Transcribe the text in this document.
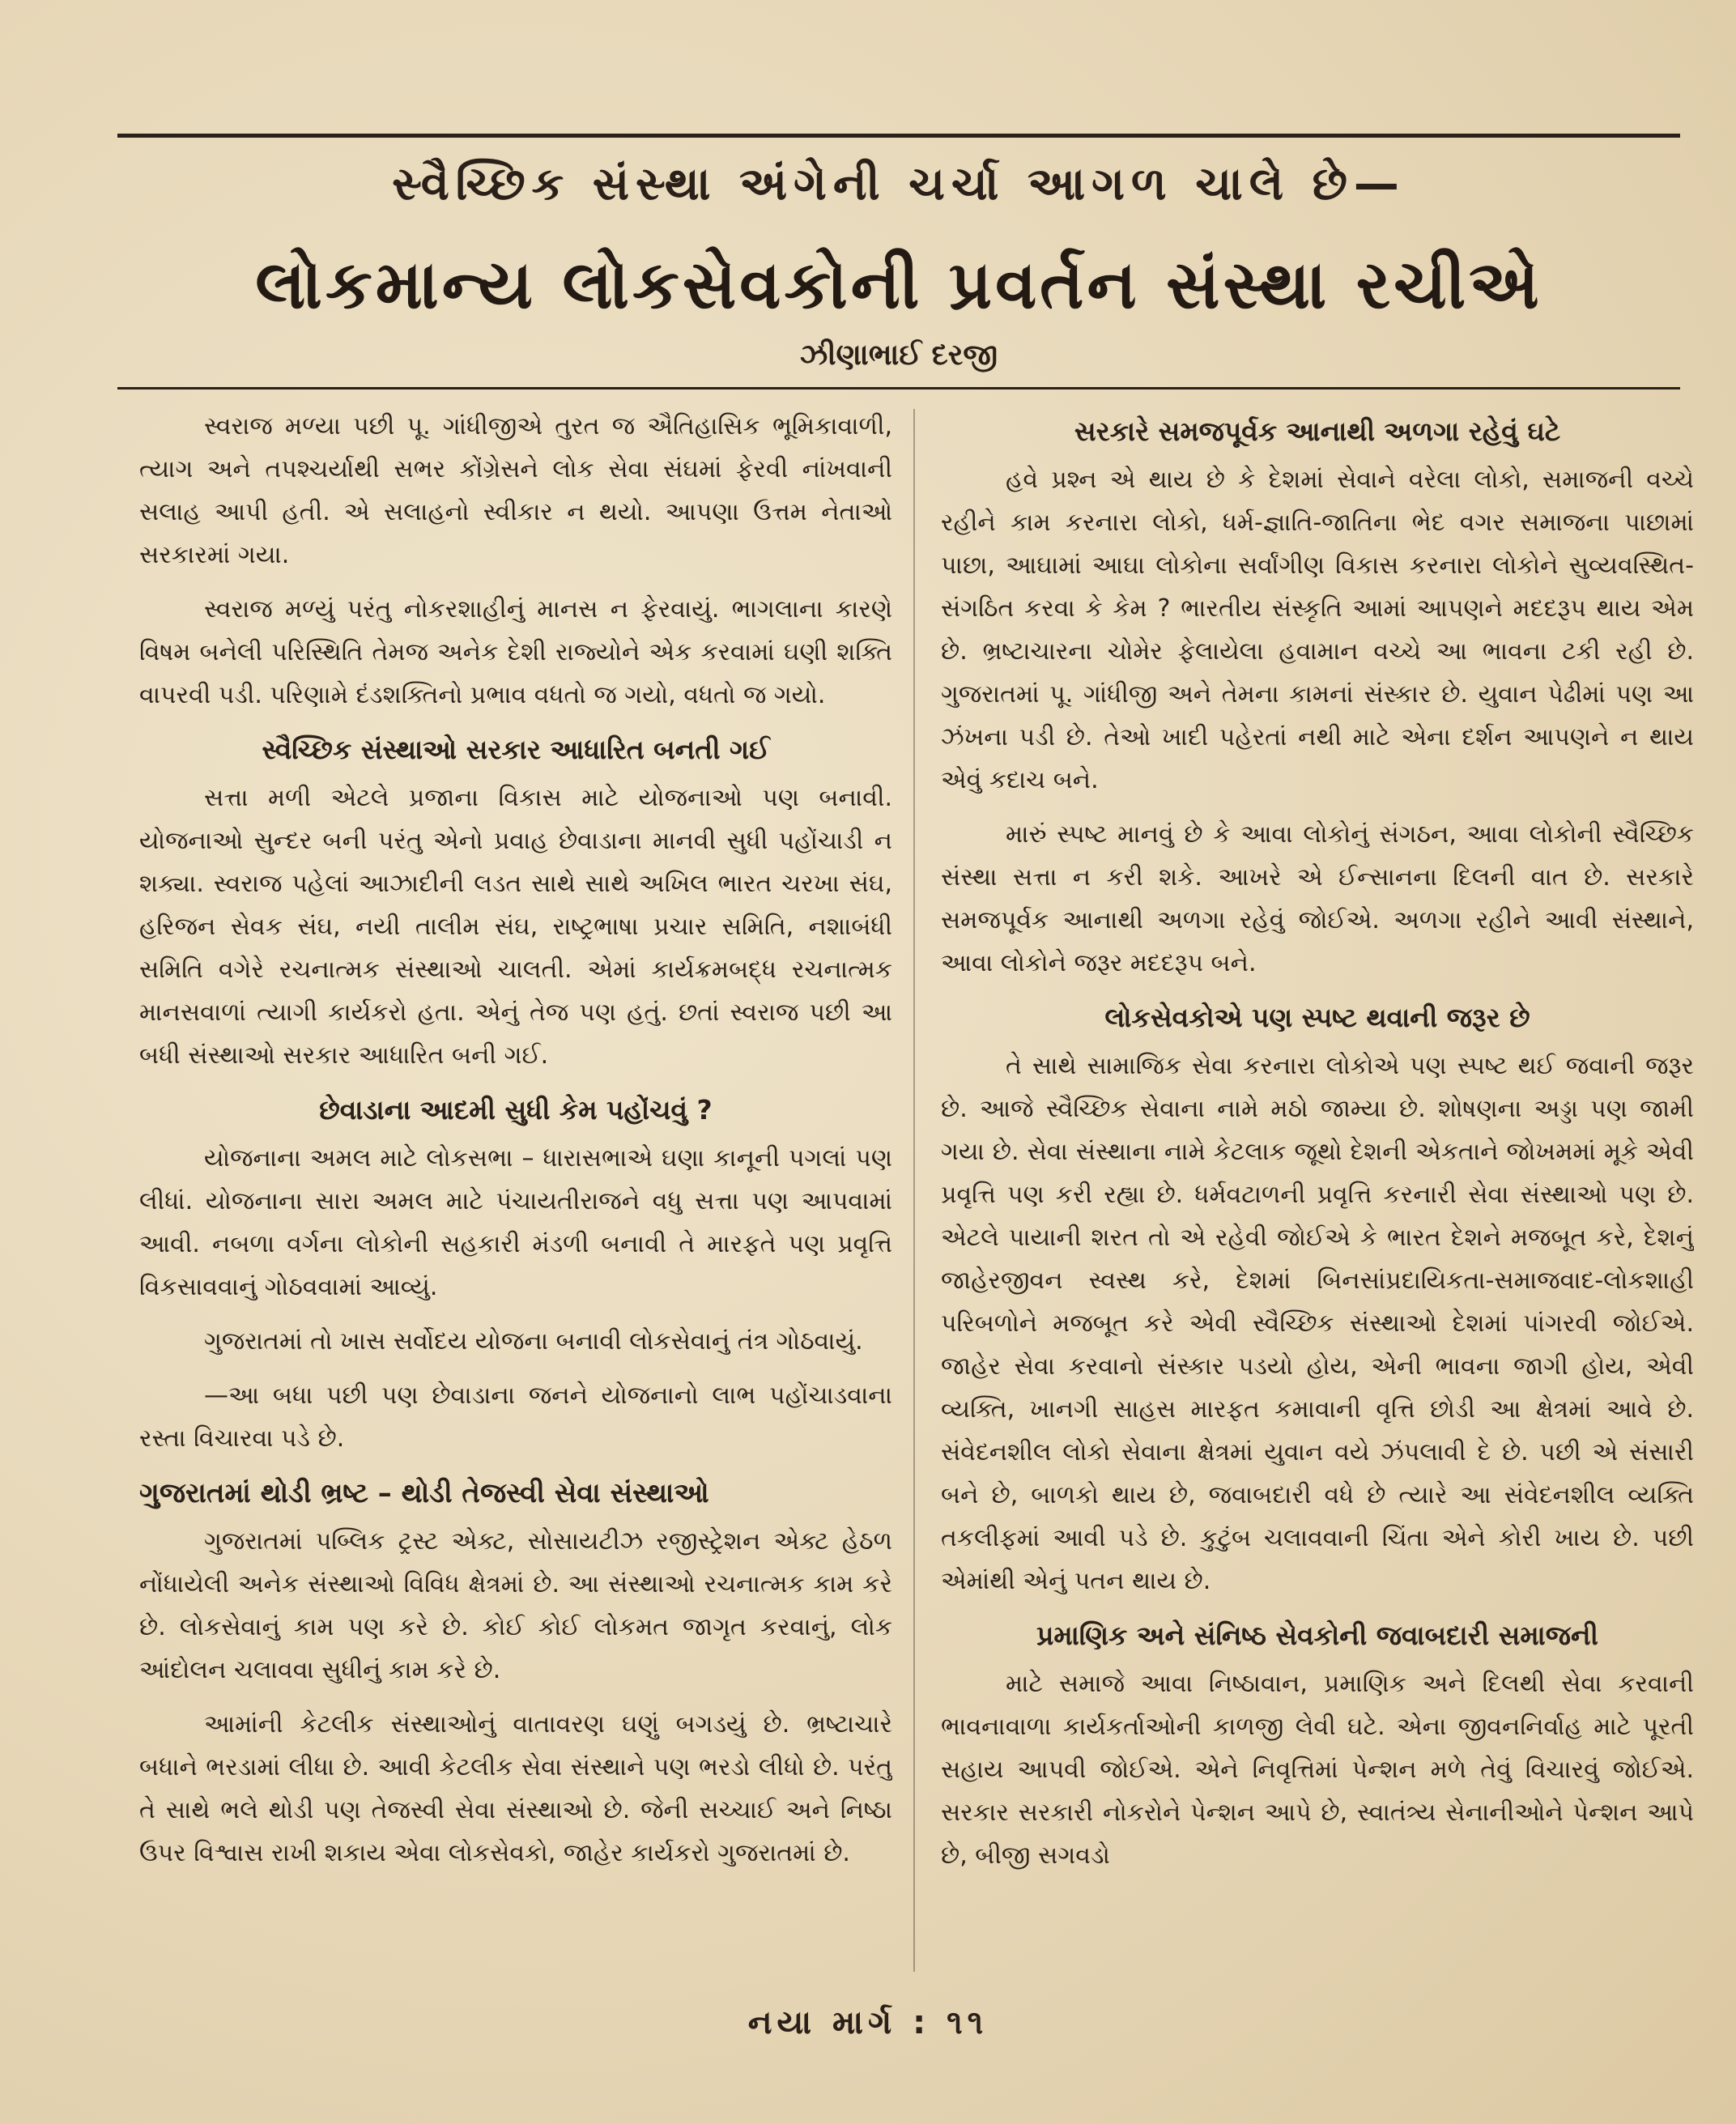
સ્વૈચ્છિક સંસ્થા અંગેની ચર્ચા આગળ ચાલે છે—
લોકમાન્ય લોકસેવકોની પ્રવર્તન સંસ્થા રચીએ
ઝીણાભાઈ દરજી

સ્વરાજ મળ્યા પછી પૂ. ગાંધીજીએ તુરત જ ઐતિહાસિક ભૂમિકાવાળી, ત્યાગ અને તપશ્ચર્યાથી સભર કોંગ્રેસને લોક સેવા સંઘમાં ફેરવી નાંખવાની સલાહ આપી હતી. એ સલાહનો સ્વીકાર ન થયો. આપણા ઉત્તમ નેતાઓ સરકારમાં ગયા.

સ્વરાજ મળ્યું પરંતુ નોકરશાહીનું માનસ ન ફેરવાયું. ભાગલાના કારણે વિષમ બનેલી પરિસ્થિતિ તેમજ અનેક દેશી રાજ્યોને એક કરવામાં ઘણી શક્તિ વાપરવી પડી. પરિણામે દંડશક્તિનો પ્રભાવ વધતો જ ગયો, વધતો જ ગયો.

સ્વૈચ્છિક સંસ્થાઓ સરકાર આધારિત બનતી ગઈ

સત્તા મળી એટલે પ્રજાના વિકાસ માટે યોજનાઓ પણ બનાવી. યોજનાઓ સુન્દર બની પરંતુ એનો પ્રવાહ છેવાડાના માનવી સુધી પહોંચાડી ન શક્યા. સ્વરાજ પહેલાં આઝાદીની લડત સાથે સાથે અખિલ ભારત ચરખા સંઘ, હરિજન સેવક સંઘ, નયી તાલીમ સંઘ, રાષ્ટ્રભાષા પ્રચાર સમિતિ, નશાબંધી સમિતિ વગેરે રચનાત્મક સંસ્થાઓ ચાલતી. એમાં કાર્યક્રમબદ્ધ રચનાત્મક માનસવાળાં ત્યાગી કાર્યકરો હતા. એનું તેજ પણ હતું. છતાં સ્વરાજ પછી આ બધી સંસ્થાઓ સરકાર આધારિત બની ગઈ.

છેવાડાના આદમી સુધી કેમ પહોંચવું ?

યોજનાના અમલ માટે લોકસભા – ધારાસભાએ ઘણા કાનૂની પગલાં પણ લીધાં. યોજનાના સારા અમલ માટે પંચાયતીરાજને વધુ સત્તા પણ આપવામાં આવી. નબળા વર્ગના લોકોની સહકારી મંડળી બનાવી તે મારફતે પણ પ્રવૃત્તિ વિકસાવવાનું ગોઠવવામાં આવ્યું.

ગુજરાતમાં તો ખાસ સર્વોદય યોજના બનાવી લોકસેવાનું તંત્ર ગોઠવાયું.

—આ બધા પછી પણ છેવાડાના જનને યોજનાનો લાભ પહોંચાડવાના રસ્તા વિચારવા પડે છે.

ગુજરાતમાં થોડી ભ્રષ્ટ – થોડી તેજસ્વી સેવા સંસ્થાઓ

ગુજરાતમાં પબ્લિક ટ્રસ્ટ એક્ટ, સોસાયટીઝ રજીસ્ટ્રેશન એક્ટ હેઠળ નોંધાયેલી અનેક સંસ્થાઓ વિવિધ ક્ષેત્રમાં છે. આ સંસ્થાઓ રચનાત્મક કામ કરે છે. લોકસેવાનું કામ પણ કરે છે. કોઈ કોઈ લોકમત જાગૃત કરવાનું, લોક આંદોલન ચલાવવા સુધીનું કામ કરે છે.

આમાંની કેટલીક સંસ્થાઓનું વાતાવરણ ઘણું બગડયું છે. ભ્રષ્ટાચારે બધાને ભરડામાં લીધા છે. આવી કેટલીક સેવા સંસ્થાને પણ ભરડો લીધો છે. પરંતુ તે સાથે ભલે થોડી પણ તેજસ્વી સેવા સંસ્થાઓ છે. જેની સચ્ચાઈ અને નિષ્ઠા ઉપર વિશ્વાસ રાખી શકાય એવા લોકસેવકો, જાહેર કાર્યકરો ગુજરાતમાં છે.

સરકારે સમજપૂર્વક આનાથી અળગા રહેવું ઘટે

હવે પ્રશ્ન એ થાય છે કે દેશમાં સેવાને વરેલા લોકો, સમાજની વચ્ચે રહીને કામ કરનારા લોકો, ધર્મ-જ્ઞાતિ-જાતિના ભેદ વગર સમાજના પાછામાં પાછા, આઘામાં આઘા લોકોના સર્વાંગીણ વિકાસ કરનારા લોકોને સુવ્યવસ્થિત-સંગઠિત કરવા કે કેમ ? ભારતીય સંસ્કૃતિ આમાં આપણને મદદરૂપ થાય એમ છે. ભ્રષ્ટાચારના ચોમેર ફેલાયેલા હવામાન વચ્ચે આ ભાવના ટકી રહી છે. ગુજરાતમાં પૂ. ગાંધીજી અને તેમના કામનાં સંસ્કાર છે. યુવાન પેઢીમાં પણ આ ઝંખના પડી છે. તેઓ ખાદી પહેરતાં નથી માટે એના દર્શન આપણને ન થાય એવું કદાચ બને.

મારું સ્પષ્ટ માનવું છે કે આવા લોકોનું સંગઠન, આવા લોકોની સ્વૈચ્છિક સંસ્થા સત્તા ન કરી શકે. આખરે એ ઈન્સાનના દિલની વાત છે. સરકારે સમજપૂર્વક આનાથી અળગા રહેવું જોઈએ. અળગા રહીને આવી સંસ્થાને, આવા લોકોને જરૂર મદદરૂપ બને.

લોકસેવકોએ પણ સ્પષ્ટ થવાની જરૂર છે

તે સાથે સામાજિક સેવા કરનારા લોકોએ પણ સ્પષ્ટ થઈ જવાની જરૂર છે. આજે સ્વૈચ્છિક સેવાના નામે મઠો જામ્યા છે. શોષણના અડ્ડા પણ જામી ગયા છે. સેવા સંસ્થાના નામે કેટલાક જૂથો દેશની એકતાને જોખમમાં મૂકે એવી પ્રવૃત્તિ પણ કરી રહ્યા છે. ધર્મવટાળની પ્રવૃત્તિ કરનારી સેવા સંસ્થાઓ પણ છે. એટલે પાયાની શરત તો એ રહેવી જોઈએ કે ભારત દેશને મજબૂત કરે, દેશનું જાહેરજીવન સ્વસ્થ કરે, દેશમાં બિનસાંપ્રદાયિકતા-સમાજવાદ-લોકશાહી પરિબળોને મજબૂત કરે એવી સ્વૈચ્છિક સંસ્થાઓ દેશમાં પાંગરવી જોઈએ. જાહેર સેવા કરવાનો સંસ્કાર પડયો હોય, એની ભાવના જાગી હોય, એવી વ્યક્તિ, ખાનગી સાહસ મારફત કમાવાની વૃત્તિ છોડી આ ક્ષેત્રમાં આવે છે. સંવેદનશીલ લોકો સેવાના ક્ષેત્રમાં યુવાન વયે ઝંપલાવી દે છે. પછી એ સંસારી બને છે, બાળકો થાય છે, જવાબદારી વધે છે ત્યારે આ સંવેદનશીલ વ્યક્તિ તકલીફમાં આવી પડે છે. કુટુંબ ચલાવવાની ચિંતા એને કોરી ખાય છે. પછી એમાંથી એનું પતન થાય છે.

પ્રમાણિક અને સંનિષ્ઠ સેવકોની જવાબદારી સમાજની

માટે સમાજે આવા નિષ્ઠાવાન, પ્રમાણિક અને દિલથી સેવા કરવાની ભાવનાવાળા કાર્યકર્તાઓની કાળજી લેવી ઘટે. એના જીવનનિર્વાહ માટે પૂરતી સહાય આપવી જોઈએ. એને નિવૃત્તિમાં પેન્શન મળે તેવું વિચારવું જોઈએ. સરકાર સરકારી નોકરોને પેન્શન આપે છે, સ્વાતંત્ર્ય સેનાનીઓને પેન્શન આપે છે, બીજી સગવડો

નયા માર્ગ : ૧૧
